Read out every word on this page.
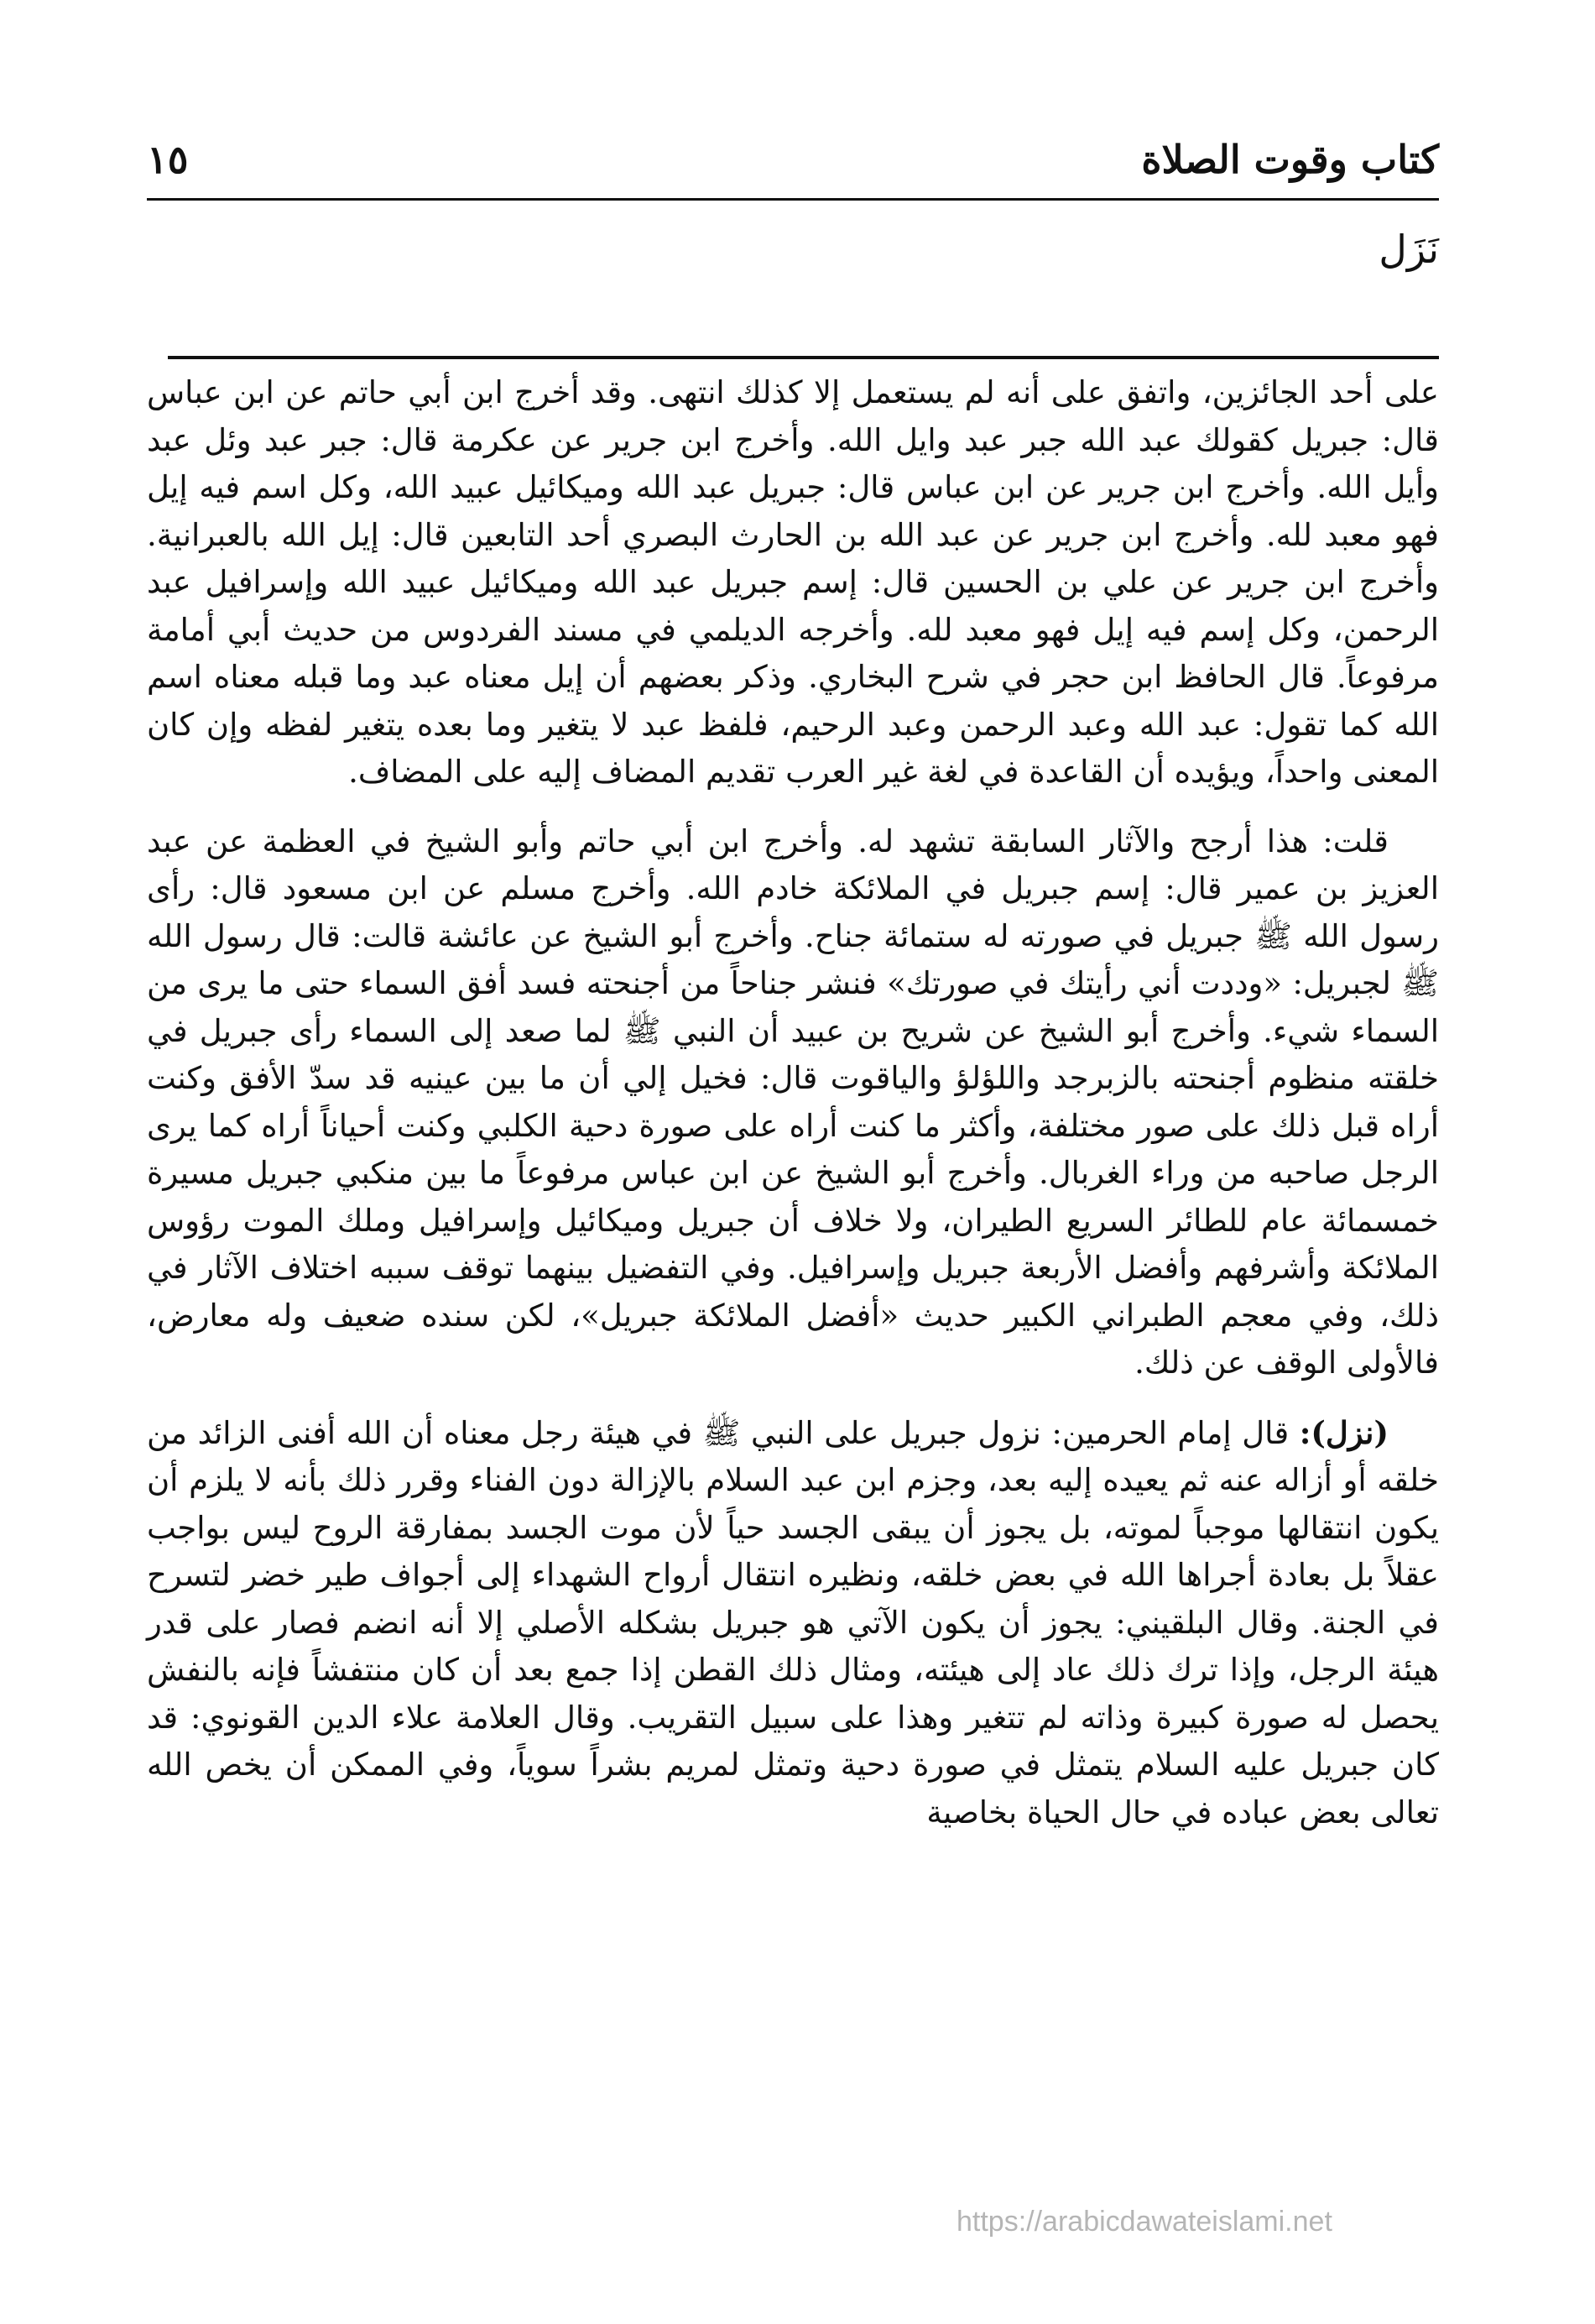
كتاب وقوت الصلاة
١٥
نَزَل

على أحد الجائزين، واتفق على أنه لم يستعمل إلا كذلك انتهى. وقد أخرج ابن أبي حاتم عن ابن عباس قال: جبريل كقولك عبد الله جبر عبد وايل الله. وأخرج ابن جرير عن عكرمة قال: جبر عبد وئل عبد وأيل الله. وأخرج ابن جرير عن ابن عباس قال: جبريل عبد الله وميكائيل عبيد الله، وكل اسم فيه إيل فهو معبد لله. وأخرج ابن جرير عن عبد الله بن الحارث البصري أحد التابعين قال: إيل الله بالعبرانية. وأخرج ابن جرير عن علي بن الحسين قال: إسم جبريل عبد الله وميكائيل عبيد الله وإسرافيل عبد الرحمن، وكل إسم فيه إيل فهو معبد لله. وأخرجه الديلمي في مسند الفردوس من حديث أبي أمامة مرفوعاً. قال الحافظ ابن حجر في شرح البخاري. وذكر بعضهم أن إيل معناه عبد وما قبله معناه اسم الله كما تقول: عبد الله وعبد الرحمن وعبد الرحيم، فلفظ عبد لا يتغير وما بعده يتغير لفظه وإن كان المعنى واحداً، ويؤيده أن القاعدة في لغة غير العرب تقديم المضاف إليه على المضاف.

قلت: هذا أرجح والآثار السابقة تشهد له. وأخرج ابن أبي حاتم وأبو الشيخ في العظمة عن عبد العزيز بن عمير قال: إسم جبريل في الملائكة خادم الله. وأخرج مسلم عن ابن مسعود قال: رأى رسول الله ﷺ جبريل في صورته له ستمائة جناح. وأخرج أبو الشيخ عن عائشة قالت: قال رسول الله ﷺ لجبريل: «وددت أني رأيتك في صورتك» فنشر جناحاً من أجنحته فسد أفق السماء حتى ما يرى من السماء شيء. وأخرج أبو الشيخ عن شريح بن عبيد أن النبي ﷺ لما صعد إلى السماء رأى جبريل في خلقته منظوم أجنحته بالزبرجد واللؤلؤ والياقوت قال: فخيل إلي أن ما بين عينيه قد سدّ الأفق وكنت أراه قبل ذلك على صور مختلفة، وأكثر ما كنت أراه على صورة دحية الكلبي وكنت أحياناً أراه كما يرى الرجل صاحبه من وراء الغربال. وأخرج أبو الشيخ عن ابن عباس مرفوعاً ما بين منكبي جبريل مسيرة خمسمائة عام للطائر السريع الطيران، ولا خلاف أن جبريل وميكائيل وإسرافيل وملك الموت رؤوس الملائكة وأشرفهم وأفضل الأربعة جبريل وإسرافيل. وفي التفضيل بينهما توقف سببه اختلاف الآثار في ذلك، وفي معجم الطبراني الكبير حديث «أفضل الملائكة جبريل»، لكن سنده ضعيف وله معارض، فالأولى الوقف عن ذلك.

(نزل): قال إمام الحرمين: نزول جبريل على النبي ﷺ في هيئة رجل معناه أن الله أفنى الزائد من خلقه أو أزاله عنه ثم يعيده إليه بعد، وجزم ابن عبد السلام بالإزالة دون الفناء وقرر ذلك بأنه لا يلزم أن يكون انتقالها موجباً لموته، بل يجوز أن يبقى الجسد حياً لأن موت الجسد بمفارقة الروح ليس بواجب عقلاً بل بعادة أجراها الله في بعض خلقه، ونظيره انتقال أرواح الشهداء إلى أجواف طير خضر لتسرح في الجنة. وقال البلقيني: يجوز أن يكون الآتي هو جبريل بشكله الأصلي إلا أنه انضم فصار على قدر هيئة الرجل، وإذا ترك ذلك عاد إلى هيئته، ومثال ذلك القطن إذا جمع بعد أن كان منتفشاً فإنه بالنفش يحصل له صورة كبيرة وذاته لم تتغير وهذا على سبيل التقريب. وقال العلامة علاء الدين القونوي: قد كان جبريل عليه السلام يتمثل في صورة دحية وتمثل لمريم بشراً سوياً، وفي الممكن أن يخص الله تعالى بعض عباده في حال الحياة بخاصية

https://arabicdawateislami.net
